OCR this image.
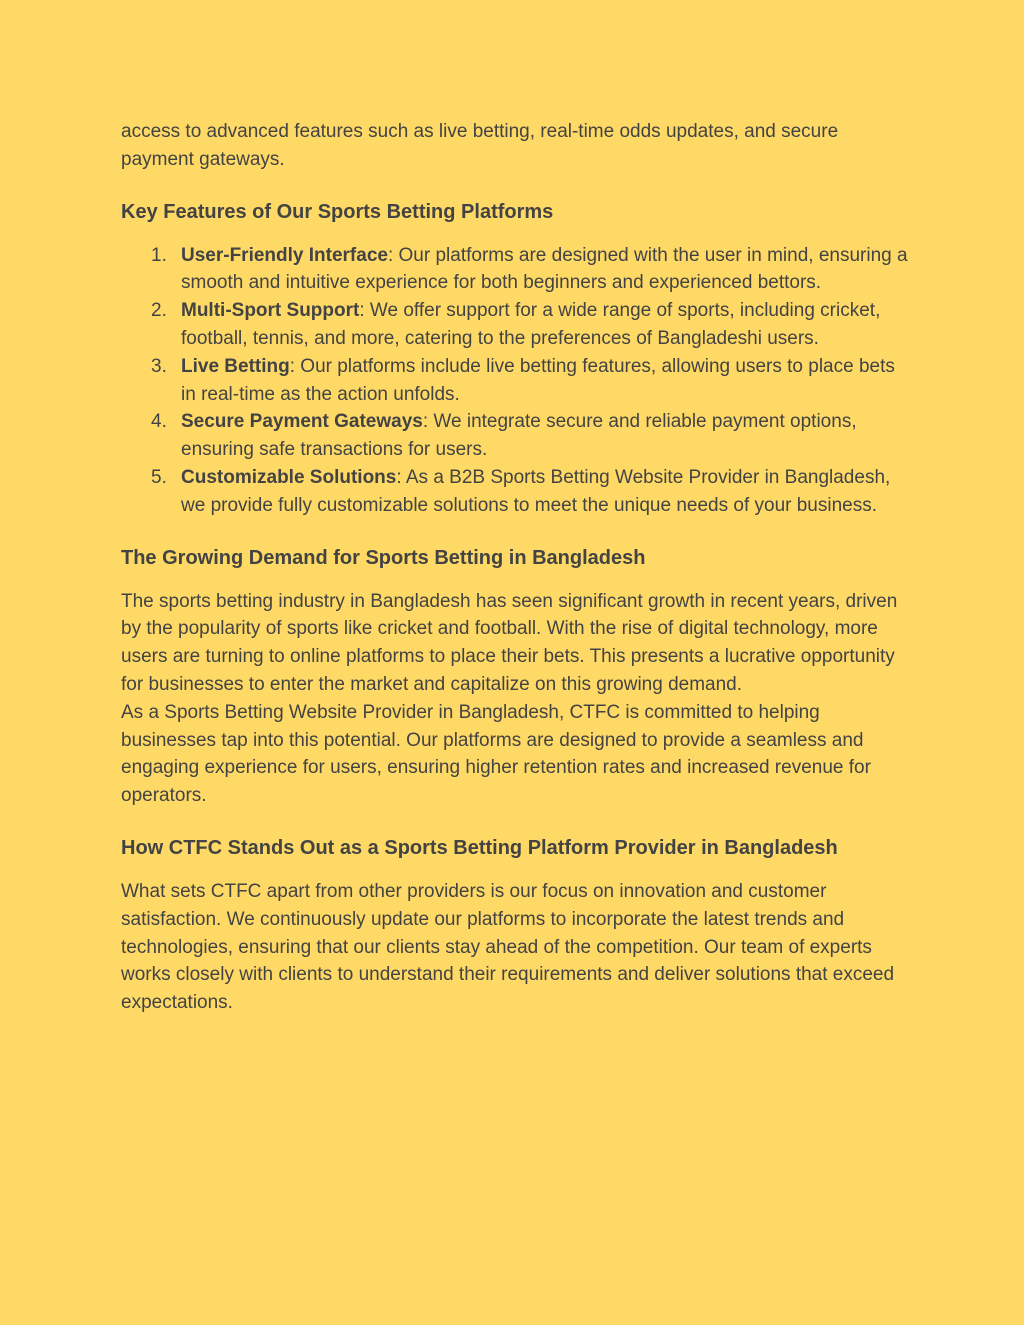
access to advanced features such as live betting, real-time odds updates, and secure payment gateways.

Key Features of Our Sports Betting Platforms
1. User-Friendly Interface: Our platforms are designed with the user in mind, ensuring a smooth and intuitive experience for both beginners and experienced bettors.
2. Multi-Sport Support: We offer support for a wide range of sports, including cricket, football, tennis, and more, catering to the preferences of Bangladeshi users.
3. Live Betting: Our platforms include live betting features, allowing users to place bets in real-time as the action unfolds.
4. Secure Payment Gateways: We integrate secure and reliable payment options, ensuring safe transactions for users.
5. Customizable Solutions: As a B2B Sports Betting Website Provider in Bangladesh, we provide fully customizable solutions to meet the unique needs of your business.
The Growing Demand for Sports Betting in Bangladesh

The sports betting industry in Bangladesh has seen significant growth in recent years, driven by the popularity of sports like cricket and football. With the rise of digital technology, more users are turning to online platforms to place their bets. This presents a lucrative opportunity for businesses to enter the market and capitalize on this growing demand.

As a Sports Betting Website Provider in Bangladesh, CTFC is committed to helping businesses tap into this potential. Our platforms are designed to provide a seamless and engaging experience for users, ensuring higher retention rates and increased revenue for operators.

How CTFC Stands Out as a Sports Betting Platform Provider in Bangladesh

What sets CTFC apart from other providers is our focus on innovation and customer satisfaction. We continuously update our platforms to incorporate the latest trends and technologies, ensuring that our clients stay ahead of the competition. Our team of experts works closely with clients to understand their requirements and deliver solutions that exceed expectations.
